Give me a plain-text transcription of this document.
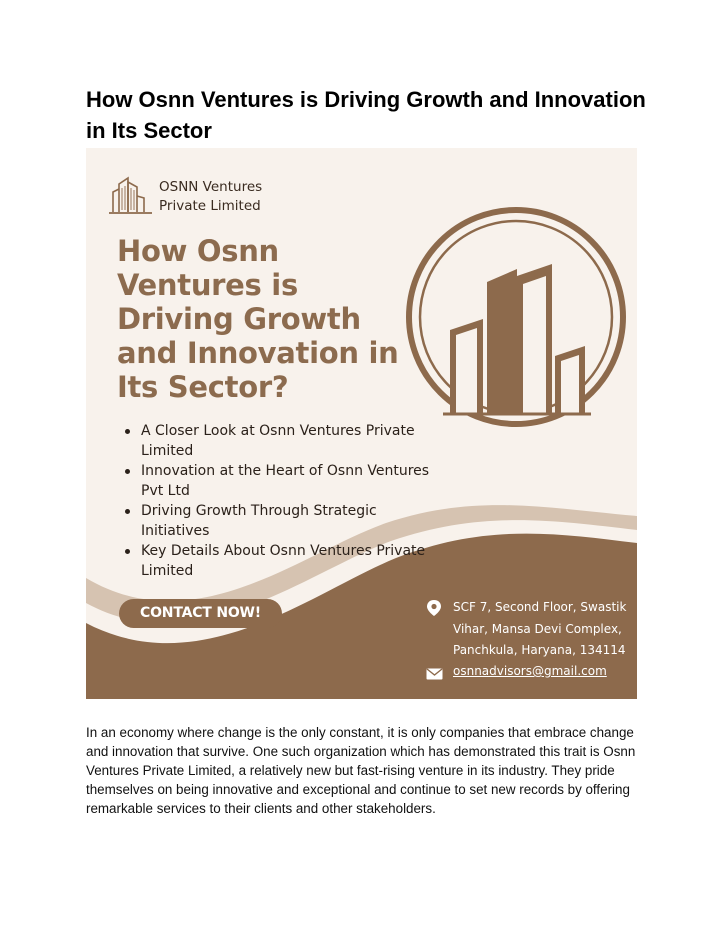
How Osnn Ventures is Driving Growth and Innovation in Its Sector
OSNN Ventures
Private Limited
How Osnn Ventures is Driving Growth and Innovation in Its Sector?
A Closer Look at Osnn Ventures Private Limited
Innovation at the Heart of Osnn Ventures Pvt Ltd
Driving Growth Through Strategic Initiatives
Key Details About Osnn Ventures Private Limited
CONTACT NOW!	SCF 7, Second Floor, Swastik Vihar, Mansa Devi Complex, Panchkula, Haryana, 134114
osnnadvisors@gmail.com

In an economy where change is the only constant, it is only companies that embrace change and innovation that survive. One such organization which has demonstrated this trait is Osnn Ventures Private Limited, a relatively new but fast-rising venture in its industry. They pride themselves on being innovative and exceptional and continue to set new records by offering remarkable services to their clients and other stakeholders.
